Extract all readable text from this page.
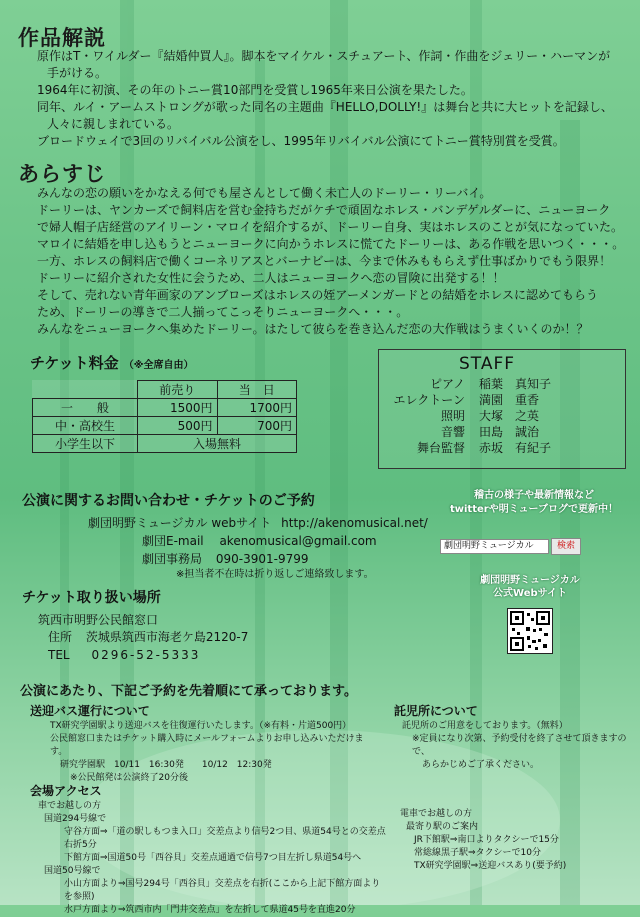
作品解説
原作はT・ワイルダー『結婚仲買人』。脚本をマイケル・スチュアート、作詞・作曲をジェリー・ハーマンが
手がける。
1964年に初演、その年のトニー賞10部門を受賞し1965年来日公演を果たした。
同年、ルイ・アームストロングが歌った同名の主題曲『HELLO,DOLLY!』は舞台と共に大ヒットを記録し、
人々に親しまれている。
ブロードウェイで3回のリバイバル公演をし、1995年リバイバル公演にてトニー賞特別賞を受賞。
あらすじ
みんなの恋の願いをかなえる何でも屋さんとして働く未亡人のドーリー・リーバイ。
ドーリーは、ヤンカーズで飼料店を営む金持ちだがケチで頑固なホレス・バンデゲルダーに、ニューヨーク
で婦人帽子店経営のアイリーン・マロイを紹介するが、ドーリー自身、実はホレスのことが気になっていた。
マロイに結婚を申し込もうとニューヨークに向かうホレスに慌てたドーリーは、ある作戦を思いつく・・・。
一方、ホレスの飼料店で働くコーネリアスとバーナビーは、今まで休みももらえず仕事ばかりでもう限界！
ドーリーに紹介された女性に会うため、二人はニューヨークへ恋の冒険に出発する！！
そして、売れない青年画家のアンブローズはホレスの姪アーメンガードとの結婚をホレスに認めてもらう
ため、ドーリーの導きで二人揃ってこっそりニューヨークへ・・・。
みんなをニューヨークへ集めたドーリー。はたして彼らを巻き込んだ恋の大作戦はうまくいくのか！？
チケット料金 （※全席自由）
	前売り	当　日
一　　般	1500円	1700円
中・高校生	500円	700円
小学生以下	入場無料	
STAFF
ピアノ	稲葉　真知子
エレクトーン	満園　重香
照明	大塚　之英
音響	田島　誠治
舞台監督	赤坂　有紀子
公演に関するお問い合わせ・チケットのご予約
劇団明野ミュージカル webサイト http://akenomusical.net/
劇団E-mail akenomusical@gmail.com
劇団事務局 090-3901-9799
※担当者不在時は折り返しご連絡致します。
稽古の様子や最新情報など
twitterや明ミューブログで更新中！
劇団明野ミュージカル	検索
劇団明野ミュージカル
公式Webサイト
チケット取り扱い場所
筑西市明野公民館窓口
住所 茨城県筑西市海老ケ島2120-7
TEL 0296-52-5333
公演にあたり、下記ご予約を先着順にて承っております。
送迎バス運行について
TX研究学園駅より送迎バスを往復運行いたします。（※有料・片道500円）
公民館窓口またはチケット購入時にメールフォームよりお申し込みいただけます。
研究学園駅　10/11　16:30発　　10/12　12:30発
※公民館発は公演終了20分後
託児所について
託児所のご用意をしております。（無料）
※定員になり次第、予約受付を終了させて頂きますので、
あらかじめご了承ください。
会場アクセス
車でお越しの方
国道294号線で
守谷方面⇒「道の駅しもつま入口」交差点より信号2つ目、県道54号との交差点右折5分
下館方面⇒国道50号「西谷貝」交差点通過で信号7つ目左折し県道54号へ
国道50号線で
小山方面より⇒国号294号「西谷貝」交差点を右折(ここから上記下館方面よりを参照)
水戸方面より⇒筑西市内「門井交差点」を左折して県道45号を直進20分
電車でお越しの方
最寄り駅のご案内
JR下館駅⇒南口よりタクシーで15分
常総線黒子駅⇒タクシーで10分
TX研究学園駅⇒送迎バスあり(要予約)
